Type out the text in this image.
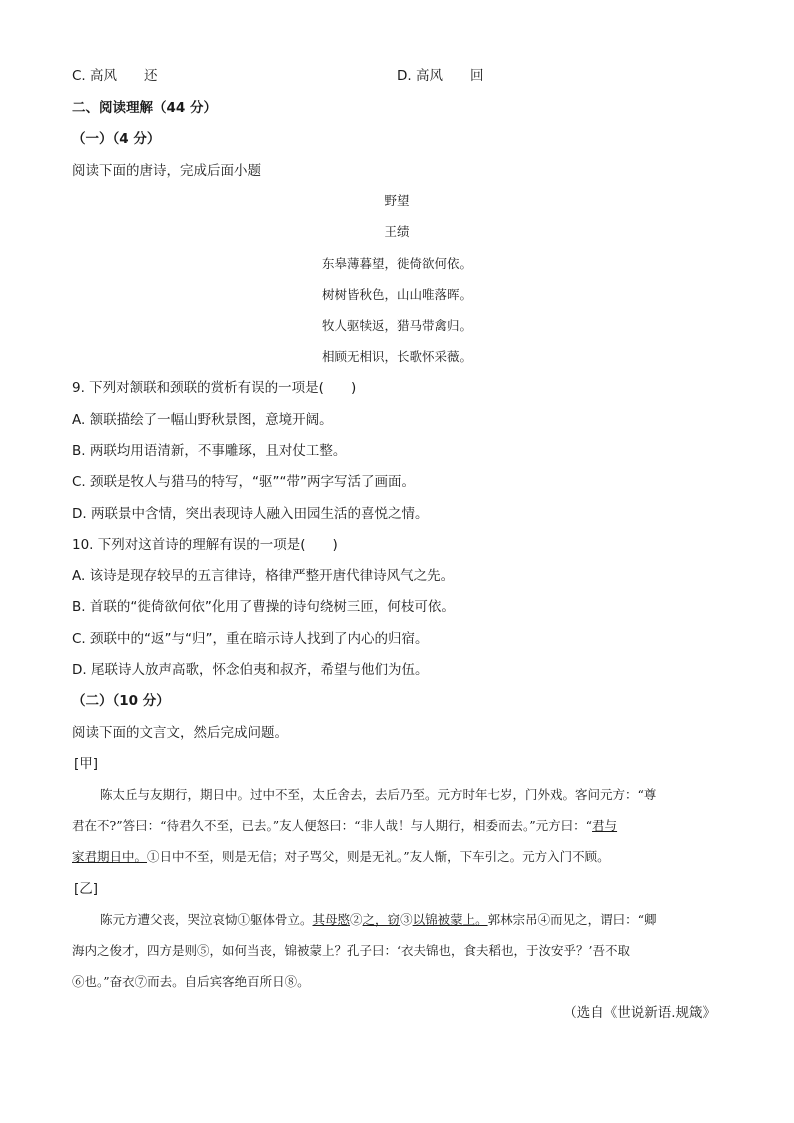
C. 高风　　还	D. 高风　　回
二、阅读理解（44 分）
（一）（4 分）
阅读下面的唐诗，完成后面小题
野望
王绩
东皋薄暮望，徙倚欲何依。
树树皆秋色，山山唯落晖。
牧人驱犊返，猎马带禽归。
相顾无相识，长歌怀采薇。
9. 下列对颔联和颈联的赏析有误的一项是(　　)
A. 颔联描绘了一幅山野秋景图，意境开阔。
B. 两联均用语清新，不事雕琢，且对仗工整。
C. 颈联是牧人与猎马的特写，“驱”“带”两字写活了画面。
D. 两联景中含情，突出表现诗人融入田园生活的喜悦之情。
10. 下列对这首诗的理解有误的一项是(　　)
A. 该诗是现存较早的五言律诗，格律严整开唐代律诗风气之先。
B. 首联的“徙倚欲何依”化用了曹操的诗句绕树三匝，何枝可依。
C. 颈联中的“返”与“归”，重在暗示诗人找到了内心的归宿。
D. 尾联诗人放声高歌，怀念伯夷和叔齐，希望与他们为伍。
（二）（10 分）
阅读下面的文言文，然后完成问题。
[甲]
陈太丘与友期行，期日中。过中不至，太丘舍去，去后乃至。元方时年七岁，门外戏。客问元方：“尊
君在不?”答曰：“待君久不至，已去。”友人便怒曰：“非人哉！与人期行，相委而去。”元方曰：“君与
家君期日中。①日中不至，则是无信；对子骂父，则是无礼。”友人惭，下车引之。元方入门不顾。
[乙]
陈元方遭父丧，哭泣哀恸①躯体骨立。其母愍②之，窃③以锦被蒙上。郭林宗吊④而见之，谓曰：“卿
海内之俊才，四方是则⑤，如何当丧，锦被蒙上？孔子曰：‘衣夫锦也，食夫稻也，于汝安乎？’吾不取
⑥也。”奋衣⑦而去。自后宾客绝百所日⑧。
（选自《世说新语.规箴》
